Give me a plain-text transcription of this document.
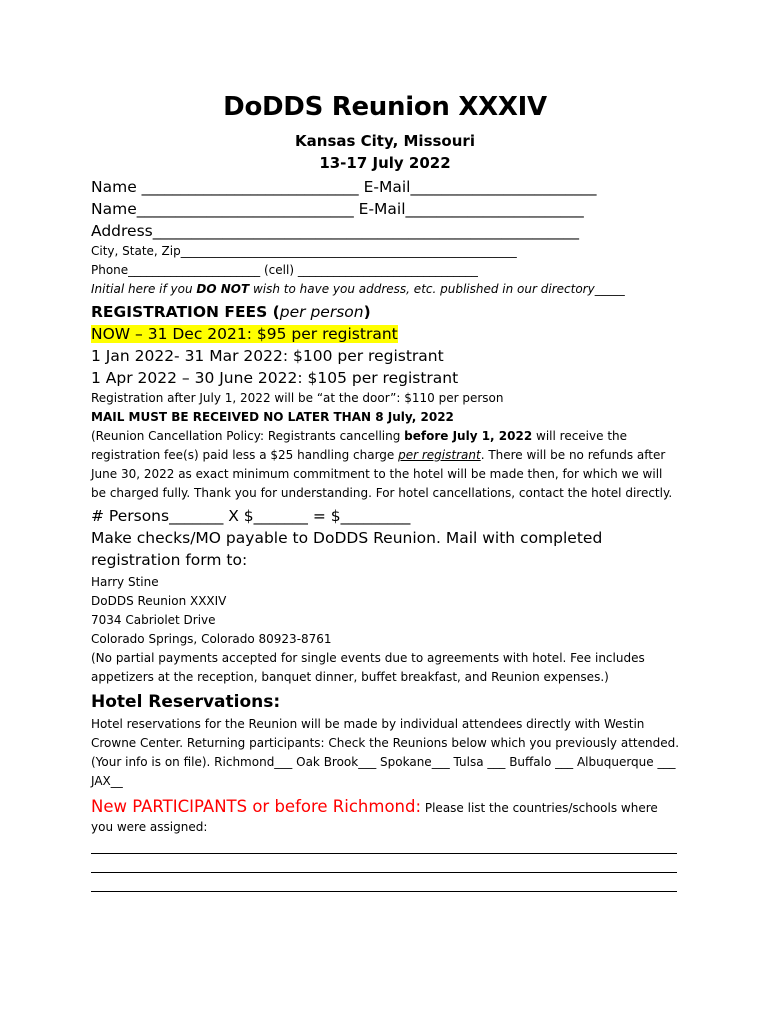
DoDDS Reunion XXXIV
Kansas City, Missouri
13-17 July 2022
Name ____________________________ E-Mail________________________
Name____________________________ E-Mail_______________________
Address_______________________________________________________
City, State, Zip________________________________________________________
Phone______________________ (cell) ______________________________
Initial here if you DO NOT wish to have you address, etc. published in our directory_____
REGISTRATION FEES (per person)
NOW – 31 Dec 2021: $95 per registrant
1 Jan 2022- 31 Mar 2022: $100 per registrant
1 Apr 2022 – 30 June 2022: $105 per registrant
Registration after July 1, 2022 will be “at the door”: $110 per person
MAIL MUST BE RECEIVED NO LATER THAN 8 July, 2022
(Reunion Cancellation Policy: Registrants cancelling before July 1, 2022 will receive the registration fee(s) paid less a $25 handling charge per registrant. There will be no refunds after June 30, 2022 as exact minimum commitment to the hotel will be made then, for which we will be charged fully. Thank you for understanding. For hotel cancellations, contact the hotel directly.
# Persons_______ X $_______ = $_________
Make checks/MO payable to DoDDS Reunion. Mail with completed registration form to:
Harry Stine
DoDDS Reunion XXXIV
7034 Cabriolet Drive
Colorado Springs, Colorado 80923-8761
(No partial payments accepted for single events due to agreements with hotel. Fee includes appetizers at the reception, banquet dinner, buffet breakfast, and Reunion expenses.)
Hotel Reservations:
Hotel reservations for the Reunion will be made by individual attendees directly with Westin Crowne Center. Returning participants: Check the Reunions below which you previously attended. (Your info is on file). Richmond___ Oak Brook___ Spokane___ Tulsa ___ Buffalo ___ Albuquerque ___ JAX__
New PARTICIPANTS or before Richmond: Please list the countries/schools where you were assigned:
